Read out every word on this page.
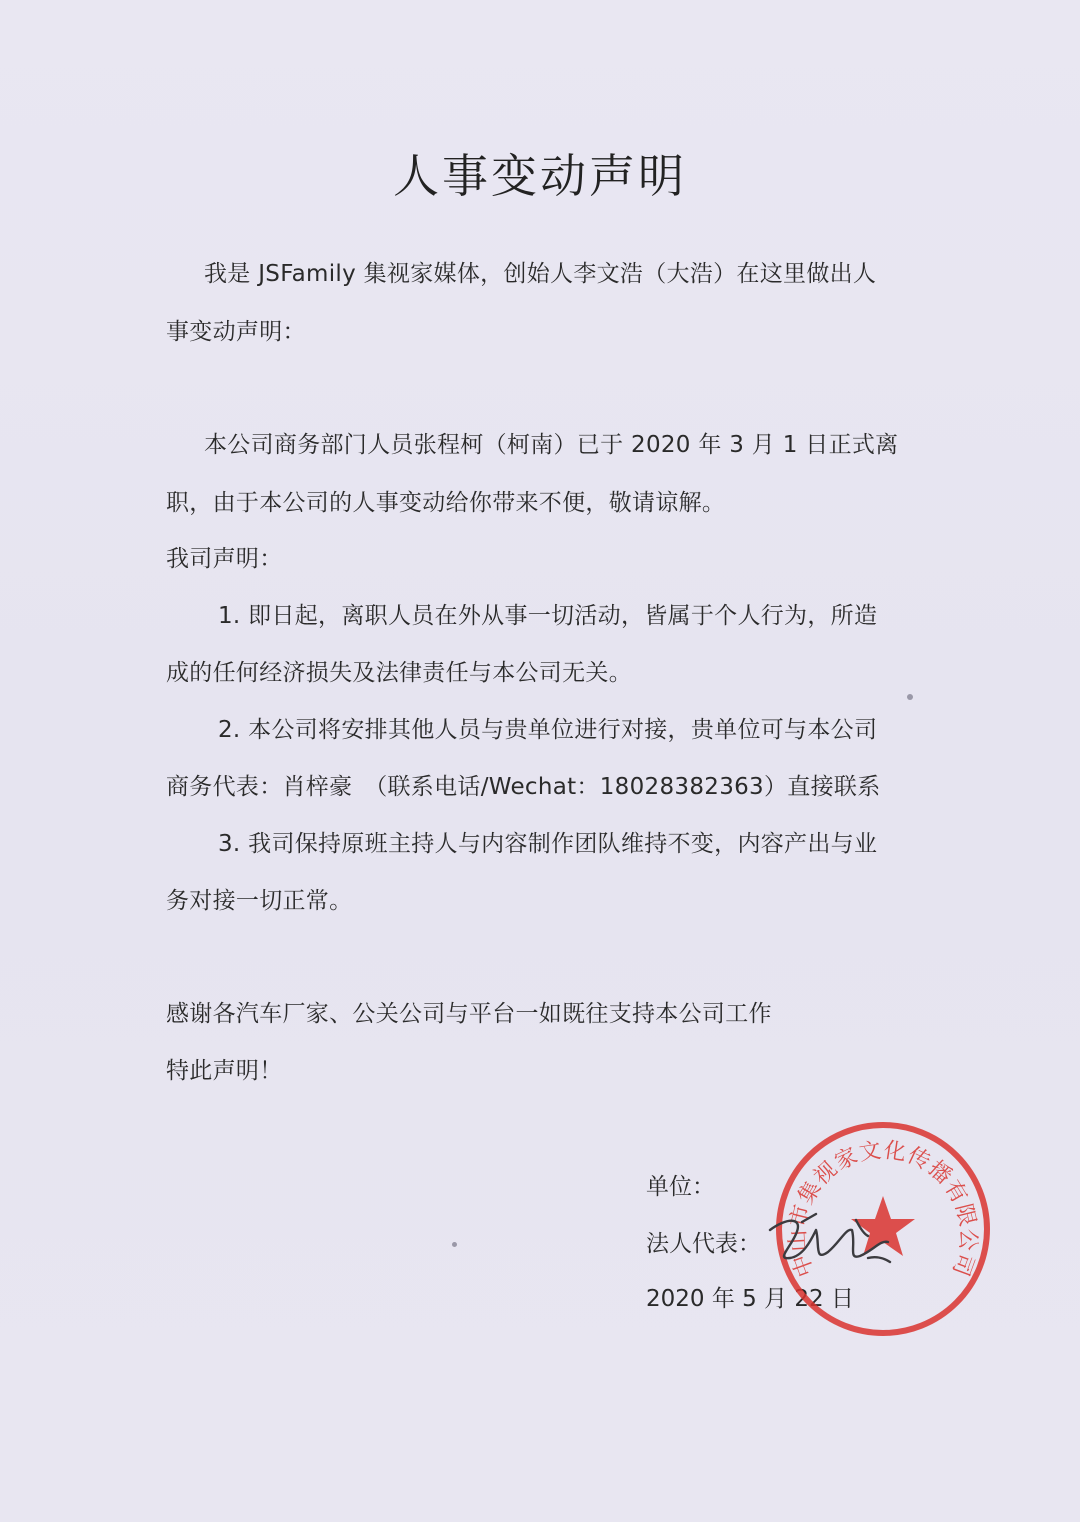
人事变动声明

我是 JSFamily 集视家媒体，创始人李文浩（大浩）在这里做出人

事变动声明：

本公司商务部门人员张程柯（柯南）已于 2020 年 3 月 1 日正式离

职，由于本公司的人事变动给你带来不便，敬请谅解。

我司声明：

1. 即日起，离职人员在外从事一切活动，皆属于个人行为，所造

成的任何经济损失及法律责任与本公司无关。

2. 本公司将安排其他人员与贵单位进行对接，贵单位可与本公司

商务代表：肖梓豪　（联系电话/Wechat：18028382363）直接联系

3. 我司保持原班主持人与内容制作团队维持不变，内容产出与业

务对接一切正常。

感谢各汽车厂家、公关公司与平台一如既往支持本公司工作

特此声明！

单位：

法人代表：

2020 年 5 月 22 日

中山市集视家文化传播有限公司
